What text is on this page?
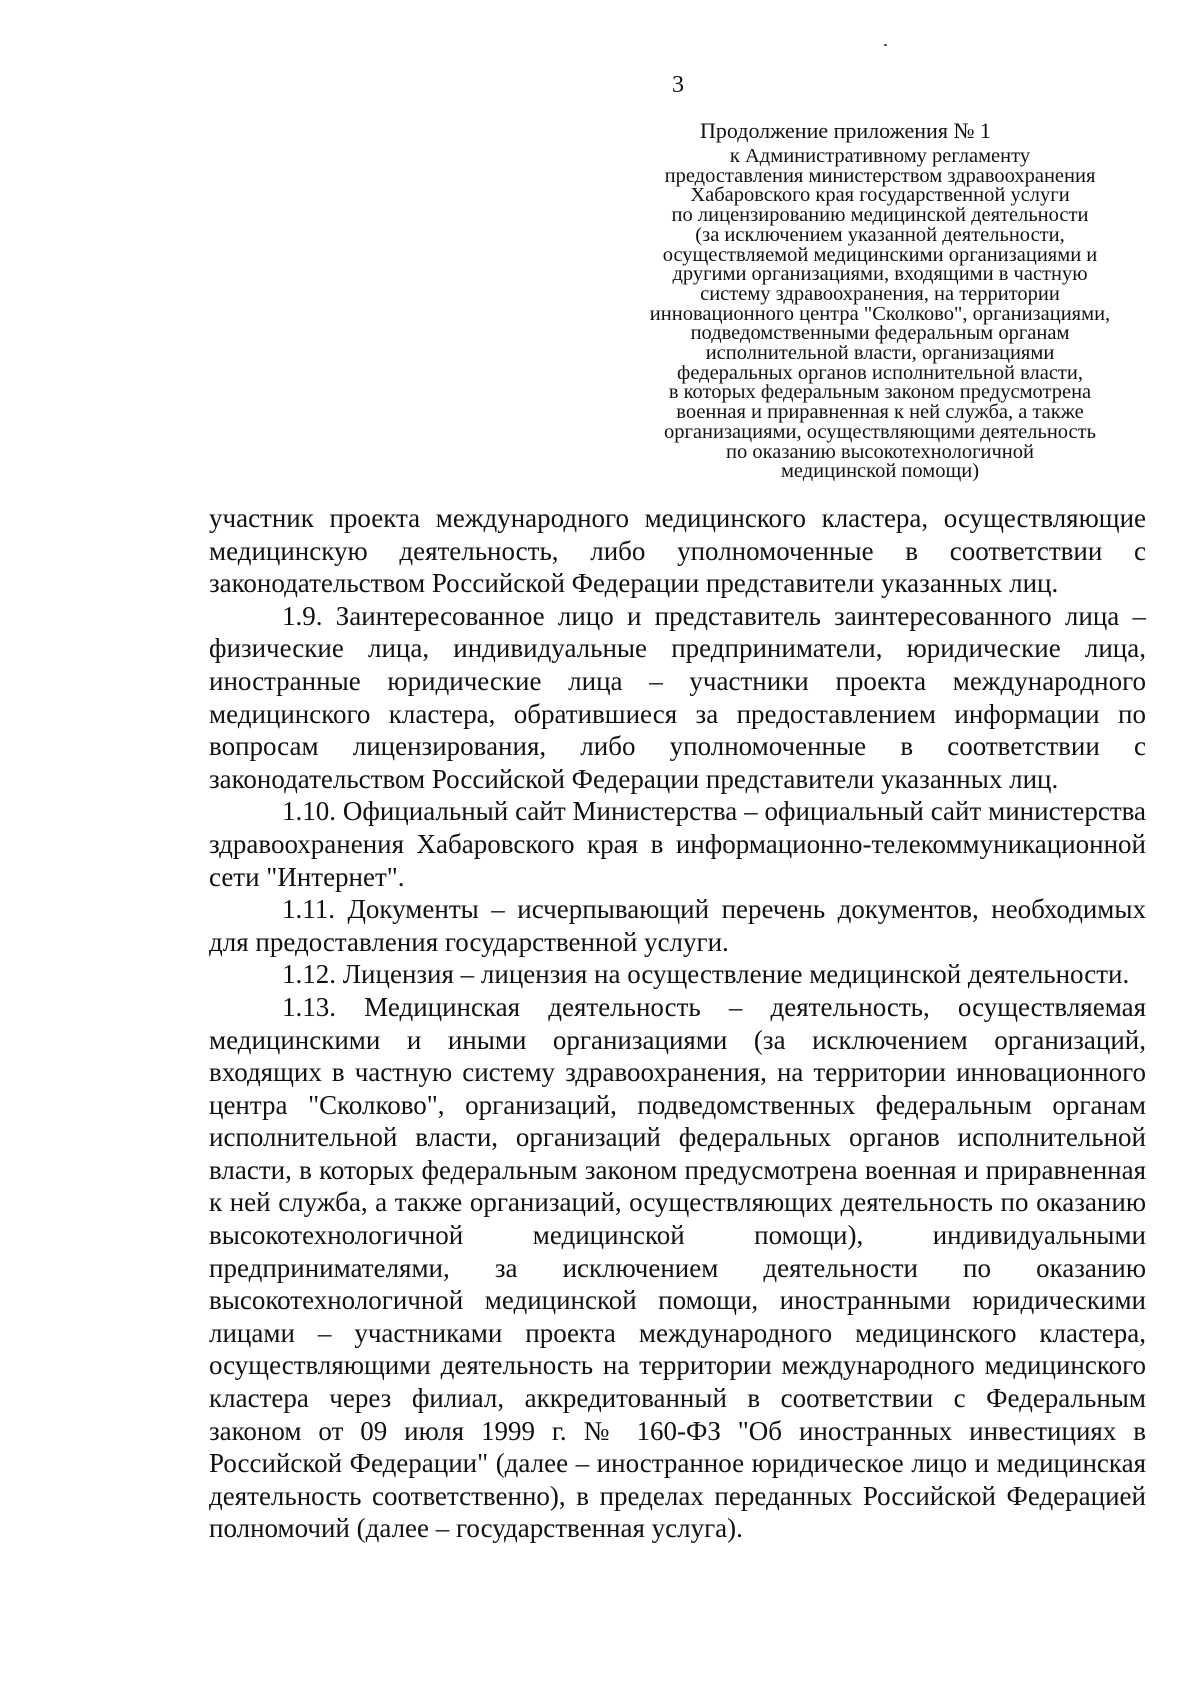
3
Продолжение приложения № 1
к Административному регламенту
предоставления министерством здравоохранения
Хабаровского края государственной услуги
по лицензированию медицинской деятельности
(за исключением указанной деятельности,
осуществляемой медицинскими организациями и
другими организациями, входящими в частную
систему здравоохранения, на территории
инновационного центра "Сколково", организациями,
подведомственными федеральным органам
исполнительной власти, организациями
федеральных органов исполнительной власти,
в которых федеральным законом предусмотрена
военная и приравненная к ней служба, а также
организациями, осуществляющими деятельность
по оказанию высокотехнологичной
медицинской помощи)

участник проекта международного медицинского кластера, осуществляющие медицинскую деятельность, либо уполномоченные в соответствии с законодательством Российской Федерации представители указанных лиц.

1.9. Заинтересованное лицо и представитель заинтересованного лица – физические лица, индивидуальные предприниматели, юридические лица, иностранные юридические лица – участники проекта международного медицинского кластера, обратившиеся за предоставлением информации по вопросам лицензирования, либо уполномоченные в соответствии с законодательством Российской Федерации представители указанных лиц.

1.10. Официальный сайт Министерства – официальный сайт министерства здравоохранения Хабаровского края в информационно-телекоммуникационной сети "Интернет".

1.11. Документы – исчерпывающий перечень документов, необходимых для предоставления государственной услуги.

1.12. Лицензия – лицензия на осуществление медицинской деятельности.

1.13. Медицинская деятельность – деятельность, осуществляемая медицинскими и иными организациями (за исключением организаций, входящих в частную систему здравоохранения, на территории инновационного центра "Сколково", организаций, подведомственных федеральным органам исполнительной власти, организаций федеральных органов исполнительной власти, в которых федеральным законом предусмотрена военная и приравненная к ней служба, а также организаций, осуществляющих деятельность по оказанию высокотехнологичной медицинской помощи), индивидуальными предпринимателями, за исключением деятельности по оказанию высокотехнологичной медицинской помощи, иностранными юридическими лицами – участниками проекта международного медицинского кластера, осуществляющими деятельность на территории международного медицинского кластера через филиал, аккредитованный в соответствии с Федеральным законом от 09 июля 1999 г. № 160-ФЗ "Об иностранных инвестициях в Российской Федерации" (далее – иностранное юридическое лицо и медицинская деятельность соответственно), в пределах переданных Российской Федерацией полномочий (далее – государственная услуга).
